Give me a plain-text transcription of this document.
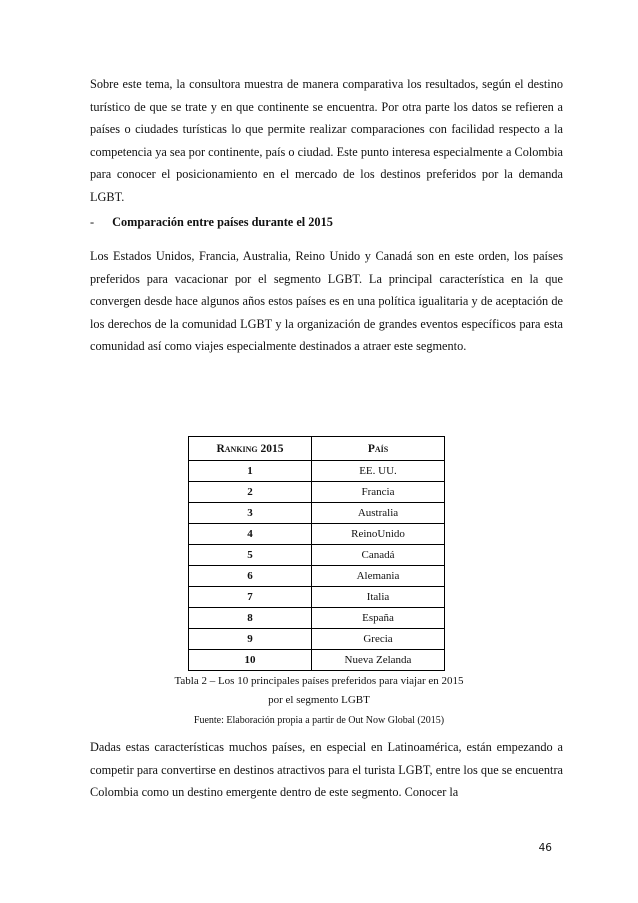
Sobre este tema, la consultora muestra de manera comparativa los resultados, según el destino turístico de que se trate y en que continente se encuentra. Por otra parte los datos se refieren a países o ciudades turísticas lo que permite realizar comparaciones con facilidad respecto a la competencia ya sea por continente, país o ciudad. Este punto interesa especialmente a Colombia para conocer el posicionamiento en el mercado de los destinos preferidos por la demanda LGBT.

- Comparación entre países durante el 2015

Los Estados Unidos, Francia, Australia, Reino Unido y Canadá son en este orden, los países preferidos para vacacionar por el segmento LGBT. La principal característica en la que convergen desde hace algunos años estos países es en una política igualitaria y de aceptación de los derechos de la comunidad LGBT y la organización de grandes eventos específicos para esta comunidad así como viajes especialmente destinados a atraer este segmento.

Ranking 2015	País
1	EE. UU.
2	Francia
3	Australia
4	ReinoUnido
5	Canadá
6	Alemania
7	Italia
8	España
9	Grecia
10	Nueva Zelanda
Tabla 2 – Los 10 principales países preferidos para viajar en 2015
por el segmento LGBT
Fuente: Elaboración propia a partir de Out Now Global (2015)

Dadas estas características muchos países, en especial en Latinoamérica, están empezando a competir para convertirse en destinos atractivos para el turista LGBT, entre los que se encuentra Colombia como un destino emergente dentro de este segmento. Conocer la

46
